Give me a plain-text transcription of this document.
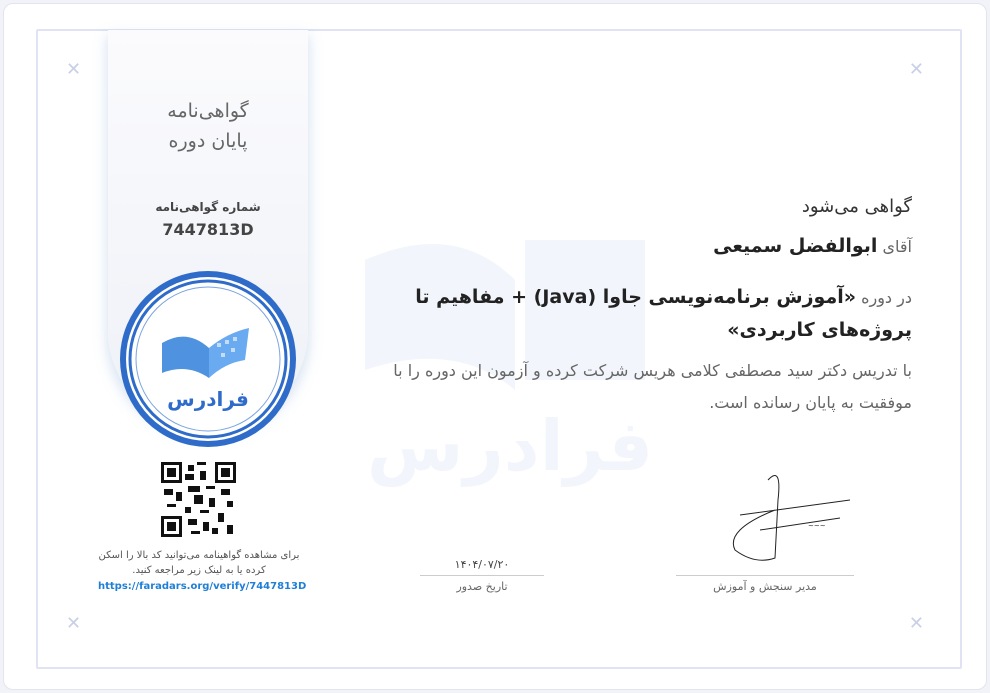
✕	✕
✕	✕
فرادرس
گواهی‌نامه
پایان دوره
شماره گواهی‌نامه
7447813D
فرادرس
برای مشاهده گواهینامه می‌توانید کد بالا را اسکن کرده یا به لینک زیر مراجعه کنید.
https://faradars.org/verify/7447813D
گواهی می‌شود
آقای ابوالفضل سمیعی
در دوره «آموزش برنامه‌نویسی جاوا (Java) + مفاهیم تا پروژه‌های کاربردی»
با تدریس دکتر سید مصطفی کلامی هریس شرکت کرده و آزمون این دوره را با موفقیت به پایان رسانده است.
~~~
۱۴۰۴/۰۷/۲۰
تاریخ صدور	مدیر سنجش و آموزش
